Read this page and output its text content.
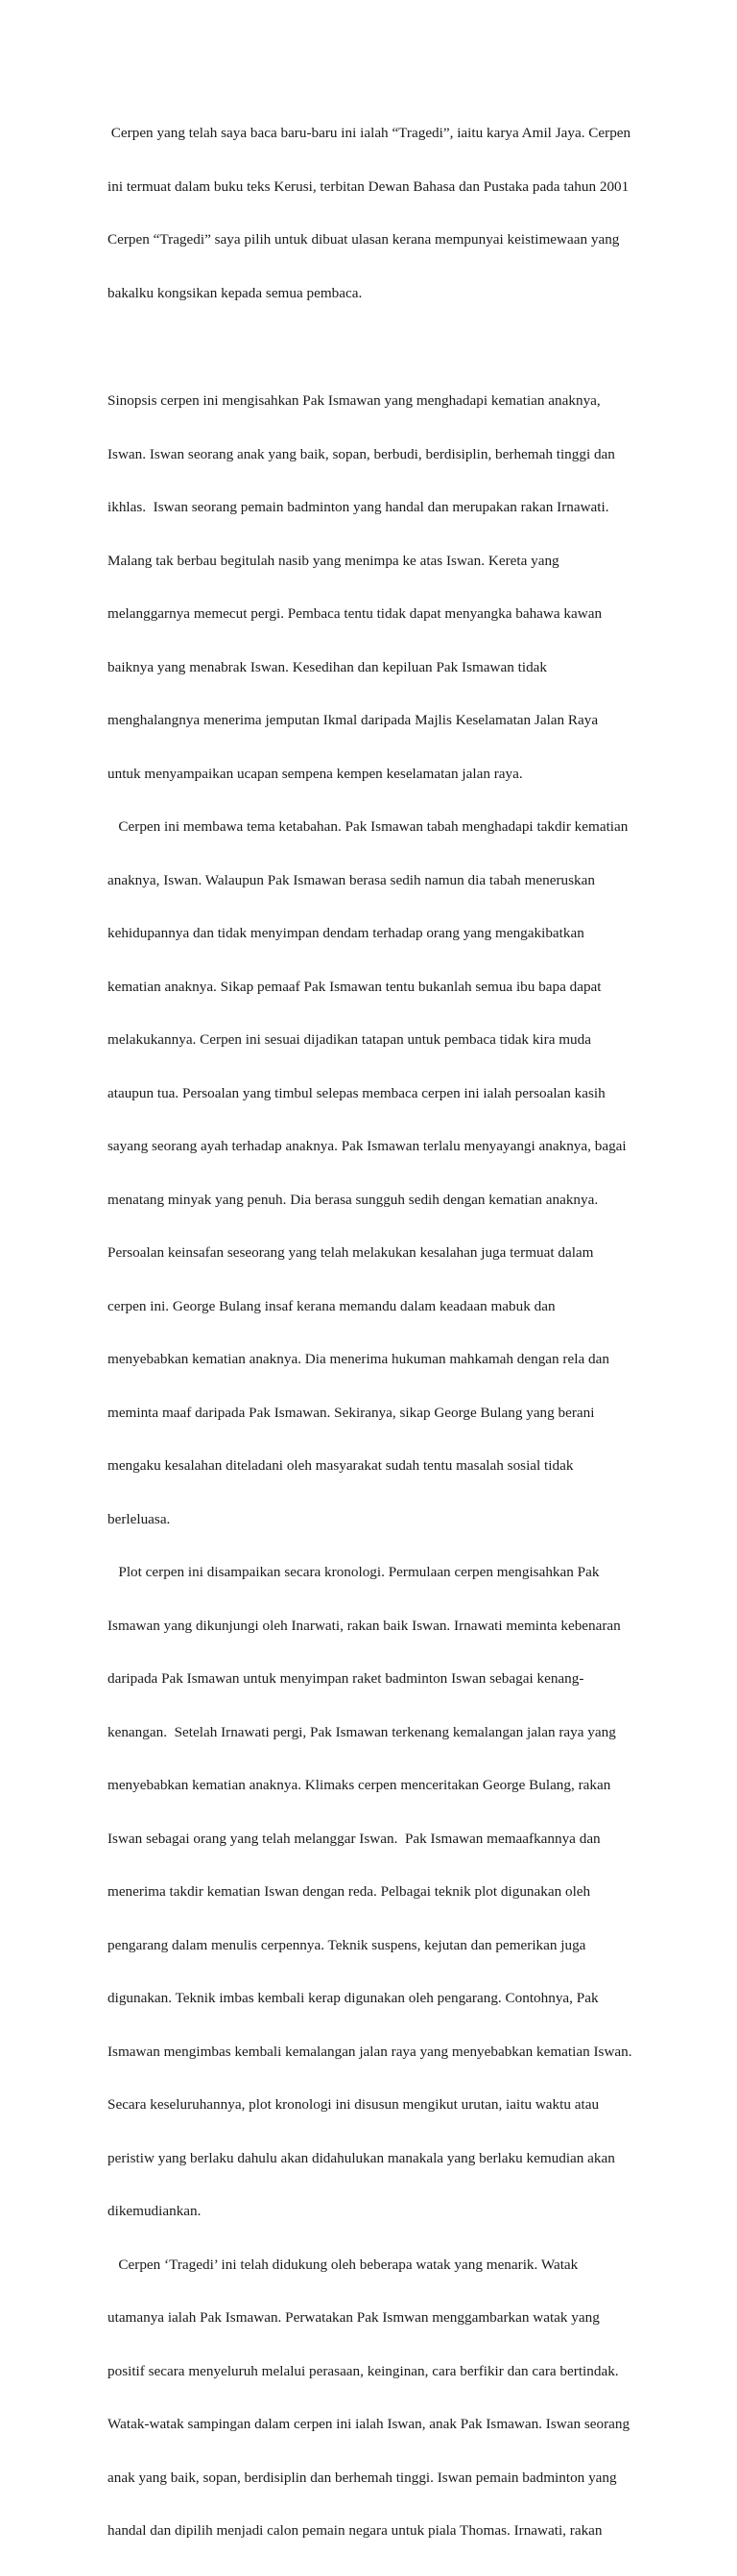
Cerpen yang telah saya baca baru-baru ini ialah “Tragedi”, iaitu karya Amil Jaya. Cerpen

ini termuat dalam buku teks Kerusi, terbitan Dewan Bahasa dan Pustaka pada tahun 2001

Cerpen “Tragedi” saya pilih untuk dibuat ulasan kerana mempunyai keistimewaan yang

bakalku kongsikan kepada semua pembaca.

Sinopsis cerpen ini mengisahkan Pak Ismawan yang menghadapi kematian anaknya,

Iswan. Iswan seorang anak yang baik, sopan, berbudi, berdisiplin, berhemah tinggi dan

ikhlas.  Iswan seorang pemain badminton yang handal dan merupakan rakan Irnawati.

Malang tak berbau begitulah nasib yang menimpa ke atas Iswan. Kereta yang

melanggarnya memecut pergi. Pembaca tentu tidak dapat menyangka bahawa kawan

baiknya yang menabrak Iswan. Kesedihan dan kepiluan Pak Ismawan tidak

menghalangnya menerima jemputan Ikmal daripada Majlis Keselamatan Jalan Raya

untuk menyampaikan ucapan sempena kempen keselamatan jalan raya.

Cerpen ini membawa tema ketabahan. Pak Ismawan tabah menghadapi takdir kematian

anaknya, Iswan. Walaupun Pak Ismawan berasa sedih namun dia tabah meneruskan

kehidupannya dan tidak menyimpan dendam terhadap orang yang mengakibatkan

kematian anaknya. Sikap pemaaf Pak Ismawan tentu bukanlah semua ibu bapa dapat

melakukannya. Cerpen ini sesuai dijadikan tatapan untuk pembaca tidak kira muda

ataupun tua. Persoalan yang timbul selepas membaca cerpen ini ialah persoalan kasih

sayang seorang ayah terhadap anaknya. Pak Ismawan terlalu menyayangi anaknya, bagai

menatang minyak yang penuh. Dia berasa sungguh sedih dengan kematian anaknya.

Persoalan keinsafan seseorang yang telah melakukan kesalahan juga termuat dalam

cerpen ini. George Bulang insaf kerana memandu dalam keadaan mabuk dan

menyebabkan kematian anaknya. Dia menerima hukuman mahkamah dengan rela dan

meminta maaf daripada Pak Ismawan. Sekiranya, sikap George Bulang yang berani

mengaku kesalahan diteladani oleh masyarakat sudah tentu masalah sosial tidak

berleluasa.

Plot cerpen ini disampaikan secara kronologi. Permulaan cerpen mengisahkan Pak

Ismawan yang dikunjungi oleh Inarwati, rakan baik Iswan. Irnawati meminta kebenaran

daripada Pak Ismawan untuk menyimpan raket badminton Iswan sebagai kenang-

kenangan.  Setelah Irnawati pergi, Pak Ismawan terkenang kemalangan jalan raya yang

menyebabkan kematian anaknya. Klimaks cerpen menceritakan George Bulang, rakan

Iswan sebagai orang yang telah melanggar Iswan.  Pak Ismawan memaafkannya dan

menerima takdir kematian Iswan dengan reda. Pelbagai teknik plot digunakan oleh

pengarang dalam menulis cerpennya. Teknik suspens, kejutan dan pemerikan juga

digunakan. Teknik imbas kembali kerap digunakan oleh pengarang. Contohnya, Pak

Ismawan mengimbas kembali kemalangan jalan raya yang menyebabkan kematian Iswan.

Secara keseluruhannya, plot kronologi ini disusun mengikut urutan, iaitu waktu atau

peristiw yang berlaku dahulu akan didahulukan manakala yang berlaku kemudian akan

dikemudiankan.

Cerpen ‘Tragedi’ ini telah didukung oleh beberapa watak yang menarik. Watak

utamanya ialah Pak Ismawan. Perwatakan Pak Ismwan menggambarkan watak yang

positif secara menyeluruh melalui perasaan, keinginan, cara berfikir dan cara bertindak.

Watak-watak sampingan dalam cerpen ini ialah Iswan, anak Pak Ismawan. Iswan seorang

anak yang baik, sopan, berdisiplin dan berhemah tinggi. Iswan pemain badminton yang

handal dan dipilih menjadi calon pemain negara untuk piala Thomas. Irnawati, rakan
